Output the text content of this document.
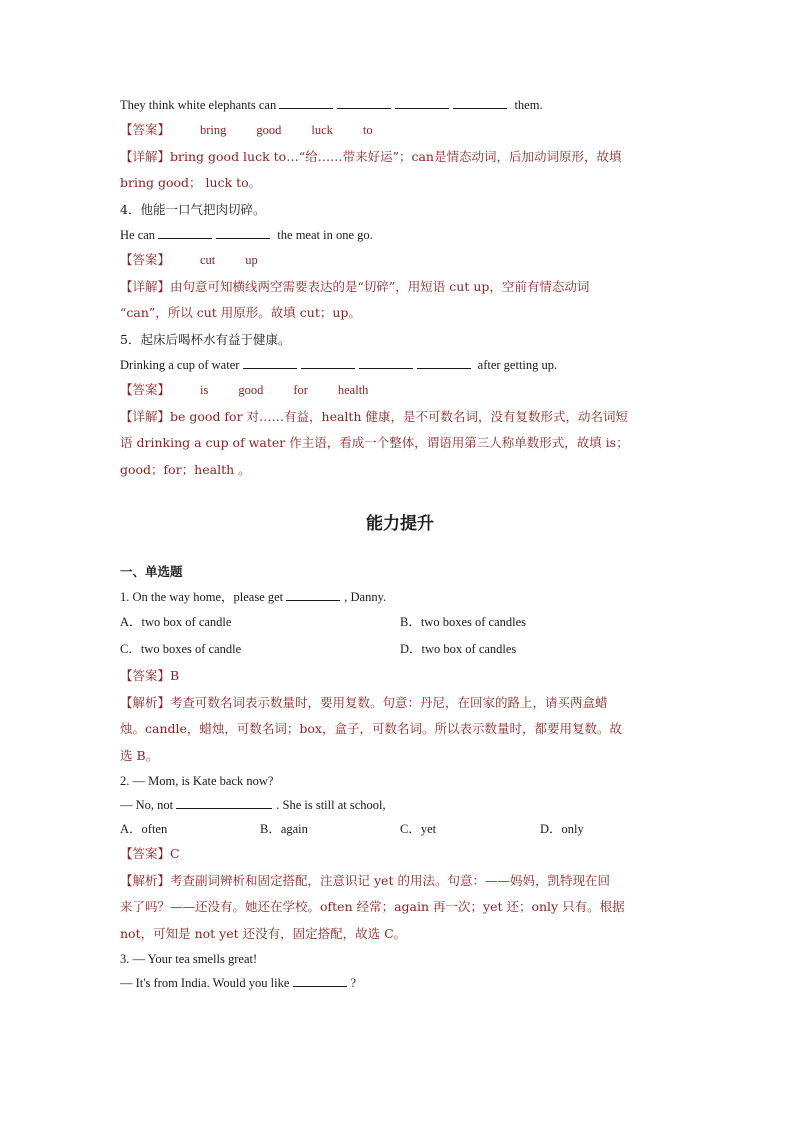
They think white elephants can	them.
【答案】 bring good luck to
【详解】bring good luck to…“给……带来好运”；can是情态动词，后加动词原形，故填
bring good； luck to。
4．他能一口气把肉切碎。
He can	the meat in one go.
【答案】 cut up
【详解】由句意可知横线两空需要表达的是“切碎”，用短语 cut up，空前有情态动词
“can”，所以 cut 用原形。故填 cut；up。
5．起床后喝杯水有益于健康。
Drinking a cup of water	after getting up.
【答案】 is good for health
【详解】be good for 对……有益，health 健康，是不可数名词，没有复数形式，动名词短
语 drinking a cup of water 作主语，看成一个整体，谓语用第三人称单数形式，故填 is；
good；for；health 。
能力提升
一、单选题
1. On the way home，please get	, Danny.
A．two box of candle	B．two boxes of candles
C．two boxes of candle	D．two box of candles
【答案】B
【解析】考查可数名词表示数量时，要用复数。句意：丹尼，在回家的路上，请买两盒蜡
烛。candle，蜡烛，可数名词；box，盒子，可数名词。所以表示数量时，都要用复数。故
选 B。
2. — Mom, is Kate back now?
— No, not	. She is still at school,
A．often	B．again	C．yet	D．only
【答案】C
【解析】考查副词辨析和固定搭配，注意识记 yet 的用法。句意：——妈妈，凯特现在回
来了吗？——还没有。她还在学校。often 经常；again 再一次；yet 还；only 只有。根据
not，可知是 not yet 还没有，固定搭配，故选 C。
3. — Your tea smells great!
— It's from India. Would you like	?
